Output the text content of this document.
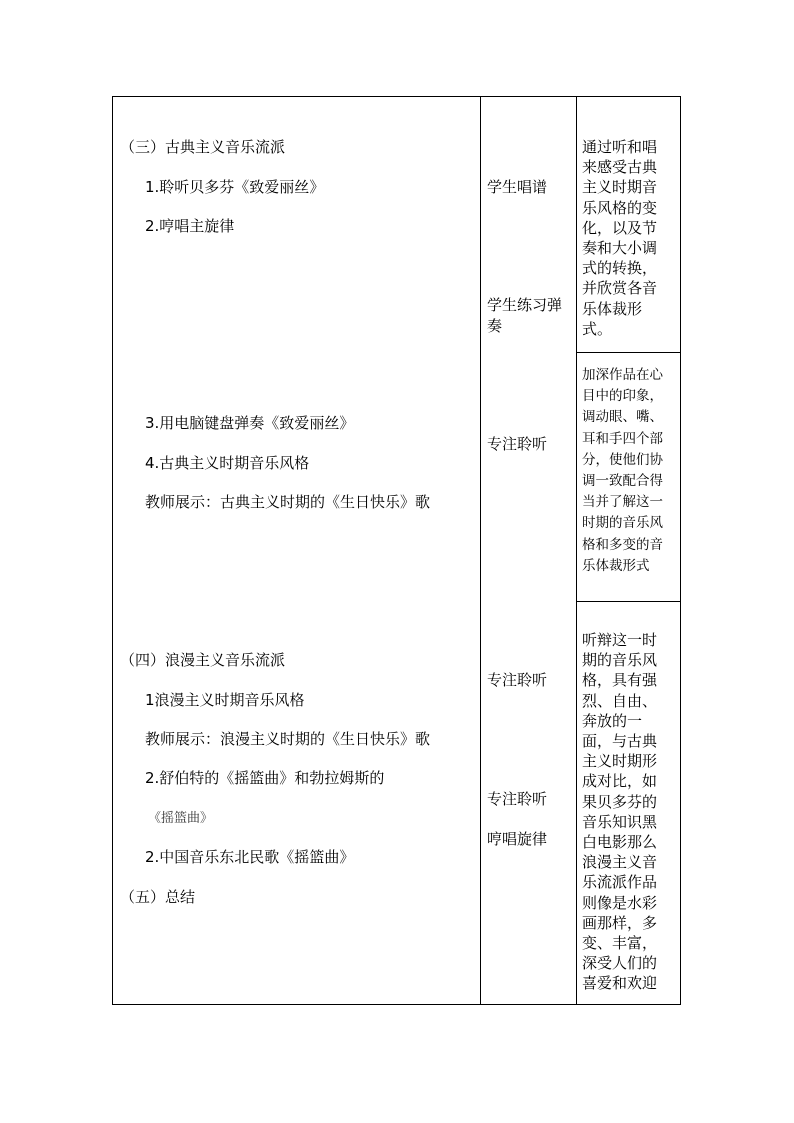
（三）古典主义音乐流派
1.聆听贝多芬《致爱丽丝》
2.哼唱主旋律
3.用电脑键盘弹奏《致爱丽丝》
4.古典主义时期音乐风格
教师展示：古典主义时期的《生日快乐》歌
（四）浪漫主义音乐流派
1浪漫主义时期音乐风格
教师展示：浪漫主义时期的《生日快乐》歌
2.舒伯特的《摇篮曲》和勃拉姆斯的
《摇篮曲》
2.中国音乐东北民歌《摇篮曲》
（五）总结
学生唱谱
学生练习弹奏
专注聆听
专注聆听
专注聆听
哼唱旋律
通过听和唱来感受古典主义时期音乐风格的变化，以及节奏和大小调式的转换，并欣赏各音乐体裁形式。
加深作品在心目中的印象，调动眼、嘴、耳和手四个部分，使他们协调一致配合得当并了解这一时期的音乐风格和多变的音乐体裁形式
听辩这一时期的音乐风格，具有强烈、自由、奔放的一面，与古典主义时期形成对比，如果贝多芬的音乐知识黑白电影那么浪漫主义音乐流派作品则像是水彩画那样，多变、丰富，深受人们的喜爱和欢迎
